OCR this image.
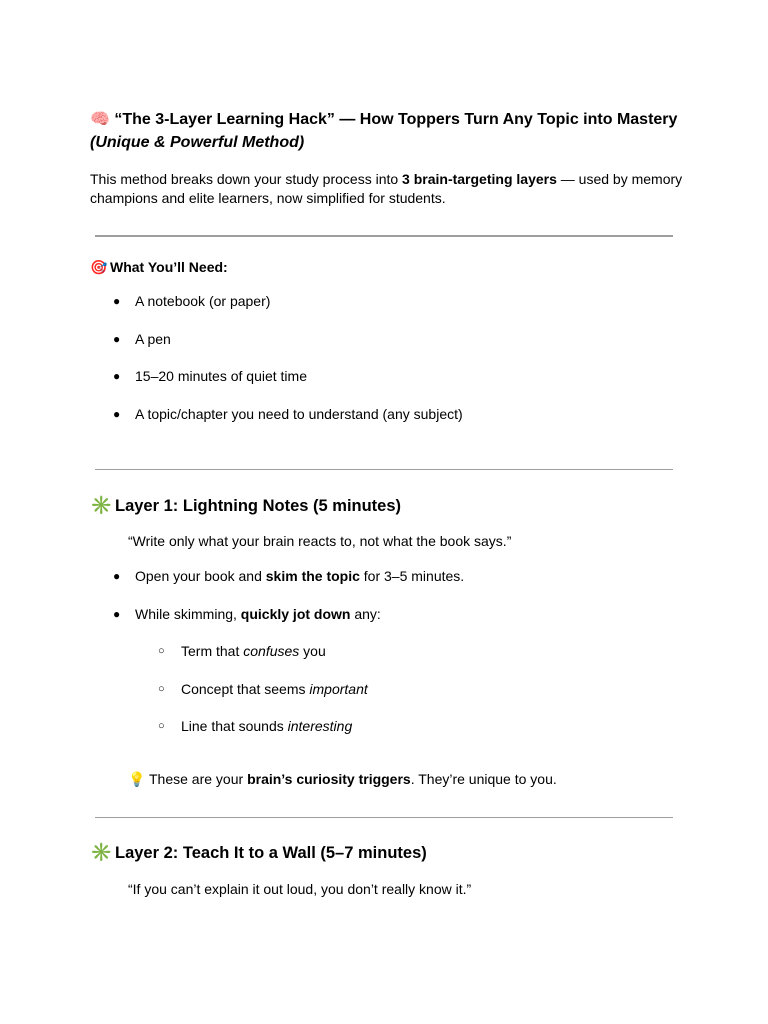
🧠 “The 3-Layer Learning Hack” — How Toppers Turn Any Topic into Mastery (Unique & Powerful Method)
This method breaks down your study process into 3 brain-targeting layers — used by memory champions and elite learners, now simplified for students.
🎯 What You’ll Need:
● A notebook (or paper)
● A pen
● 15–20 minutes of quiet time
● A topic/chapter you need to understand (any subject)
✳️ Layer 1: Lightning Notes (5 minutes)
“Write only what your brain reacts to, not what the book says.”
● Open your book and skim the topic for 3–5 minutes.
● While skimming, quickly jot down any:
○ Term that confuses you
○ Concept that seems important
○ Line that sounds interesting
💡 These are your brain’s curiosity triggers. They’re unique to you.
✳️ Layer 2: Teach It to a Wall (5–7 minutes)
“If you can’t explain it out loud, you don’t really know it.”
